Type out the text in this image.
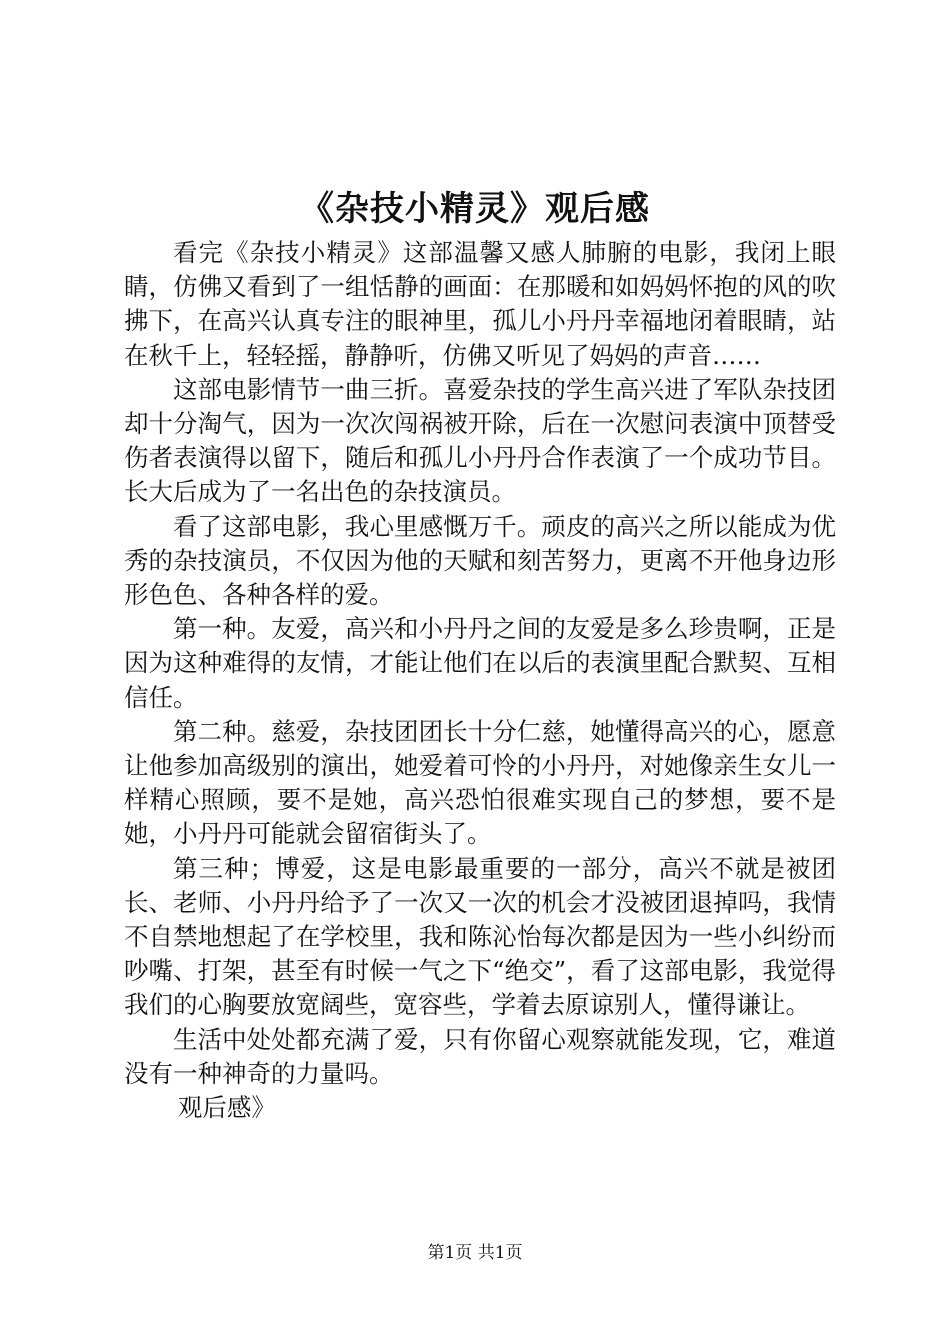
《杂技小精灵》观后感

看完《杂技小精灵》这部温馨又感人肺腑的电影，我闭上眼睛，仿佛又看到了一组恬静的画面：在那暖和如妈妈怀抱的风的吹拂下，在高兴认真专注的眼神里，孤儿小丹丹幸福地闭着眼睛，站在秋千上，轻轻摇，静静听，仿佛又听见了妈妈的声音……

这部电影情节一曲三折。喜爱杂技的学生高兴进了军队杂技团却十分淘气，因为一次次闯祸被开除，后在一次慰问表演中顶替受伤者表演得以留下，随后和孤儿小丹丹合作表演了一个成功节目。长大后成为了一名出色的杂技演员。

看了这部电影，我心里感慨万千。顽皮的高兴之所以能成为优秀的杂技演员，不仅因为他的天赋和刻苦努力，更离不开他身边形形色色、各种各样的爱。

第一种。友爱，高兴和小丹丹之间的友爱是多么珍贵啊，正是因为这种难得的友情，才能让他们在以后的表演里配合默契、互相信任。

第二种。慈爱，杂技团团长十分仁慈，她懂得高兴的心，愿意让他参加高级别的演出，她爱着可怜的小丹丹，对她像亲生女儿一样精心照顾，要不是她，高兴恐怕很难实现自己的梦想，要不是她，小丹丹可能就会留宿街头了。

第三种；博爱，这是电影最重要的一部分，高兴不就是被团长、老师、小丹丹给予了一次又一次的机会才没被团退掉吗，我情不自禁地想起了在学校里，我和陈沁怡每次都是因为一些小纠纷而吵嘴、打架，甚至有时候一气之下“绝交”，看了这部电影，我觉得我们的心胸要放宽阔些，宽容些，学着去原谅别人，懂得谦让。

生活中处处都充满了爱，只有你留心观察就能发现，它，难道没有一种神奇的力量吗。

观后感》

第1页 共1页
